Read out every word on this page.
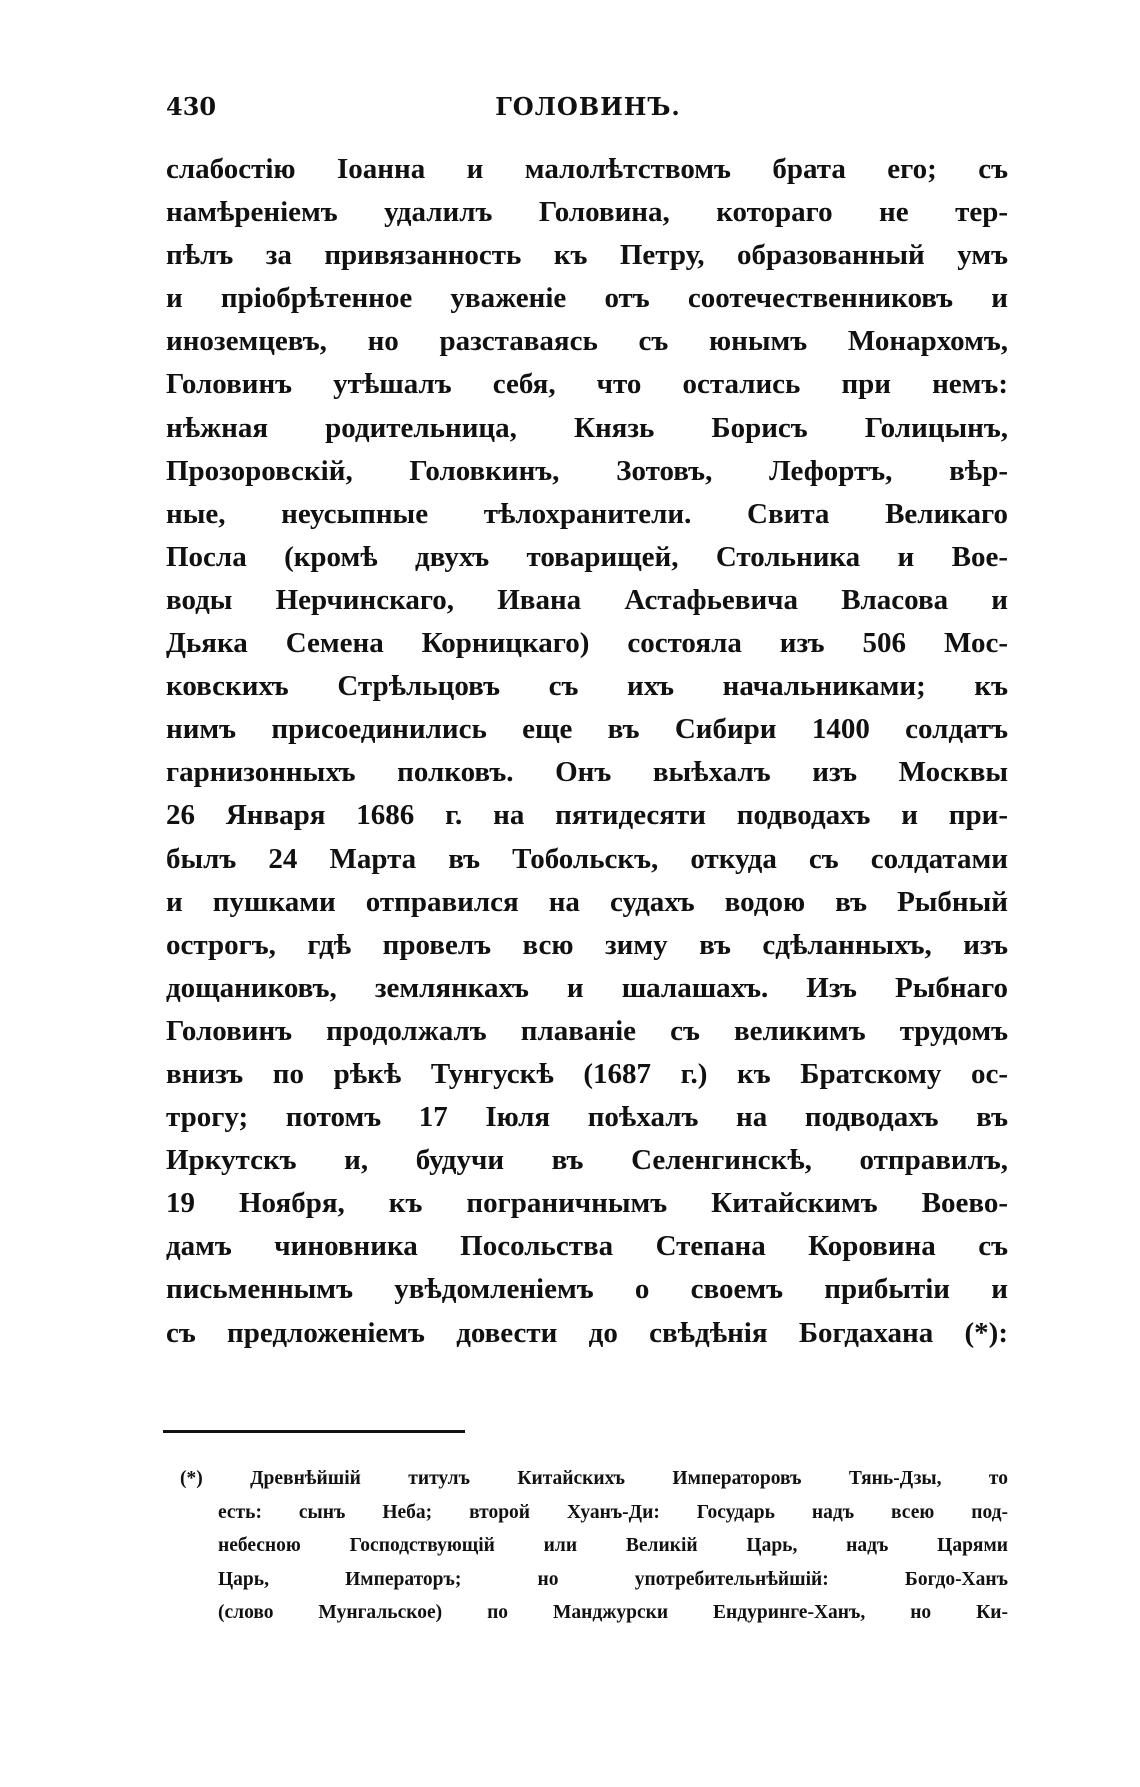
430	ГОЛОВИНЪ.
слабостію Іоанна и малолѣтствомъ брата его; съ
намѣреніемъ удалилъ Головина, котораго не тер-
пѣлъ за привязанность къ Петру, образованный умъ
и пріобрѣтенное уваженіе отъ соотечественниковъ и
иноземцевъ, но разставаясь съ юнымъ Монархомъ,
Головинъ утѣшалъ себя, что остались при немъ:
нѣжная родительница, Князь Борисъ Голицынъ,
Прозоровскій, Головкинъ, Зотовъ, Лефортъ, вѣр-
ные, неусыпные тѣлохранители. Свита Великаго
Посла (кромѣ двухъ товарищей, Стольника и Вое-
воды Нерчинскаго, Ивана Астафьевича Власова и
Дьяка Семена Корницкаго) состояла изъ 506 Мос-
ковскихъ Стрѣльцовъ съ ихъ начальниками; къ
нимъ присоединились еще въ Сибири 1400 солдатъ
гарнизонныхъ полковъ. Онъ выѣхалъ изъ Москвы
26 Января 1686 г. на пятидесяти подводахъ и при-
былъ 24 Марта въ Тобольскъ, откуда съ солдатами
и пушками отправился на судахъ водою въ Рыбный
острогъ, гдѣ провелъ всю зиму въ сдѣланныхъ, изъ
дощаниковъ, землянкахъ и шалашахъ. Изъ Рыбнаго
Головинъ продолжалъ плаваніе съ великимъ трудомъ
внизъ по рѣкѣ Тунгускѣ (1687 г.) къ Братскому ос-
трогу; потомъ 17 Іюля поѣхалъ на подводахъ въ
Иркутскъ и, будучи въ Селенгинскѣ, отправилъ,
19 Ноября, къ пограничнымъ Китайскимъ Воево-
дамъ чиновника Посольства Степана Коровина съ
письменнымъ увѣдомленіемъ о своемъ прибытіи и
съ предложеніемъ довести до свѣдѣнія Богдахана (*):
(*) Древнѣйшій титулъ Китайскихъ Императоровъ Тянь-Дзы, то
есть: сынъ Неба; второй Хуанъ-Ди: Государь надъ всею под-
небесною Господствующій или Великій Царь, надъ Царями
Царь, Императоръ; но употребительнѣйшій: Богдо-Ханъ
(слово Мунгальское) по Манджурски Ендуринге-Ханъ, но Ки-
